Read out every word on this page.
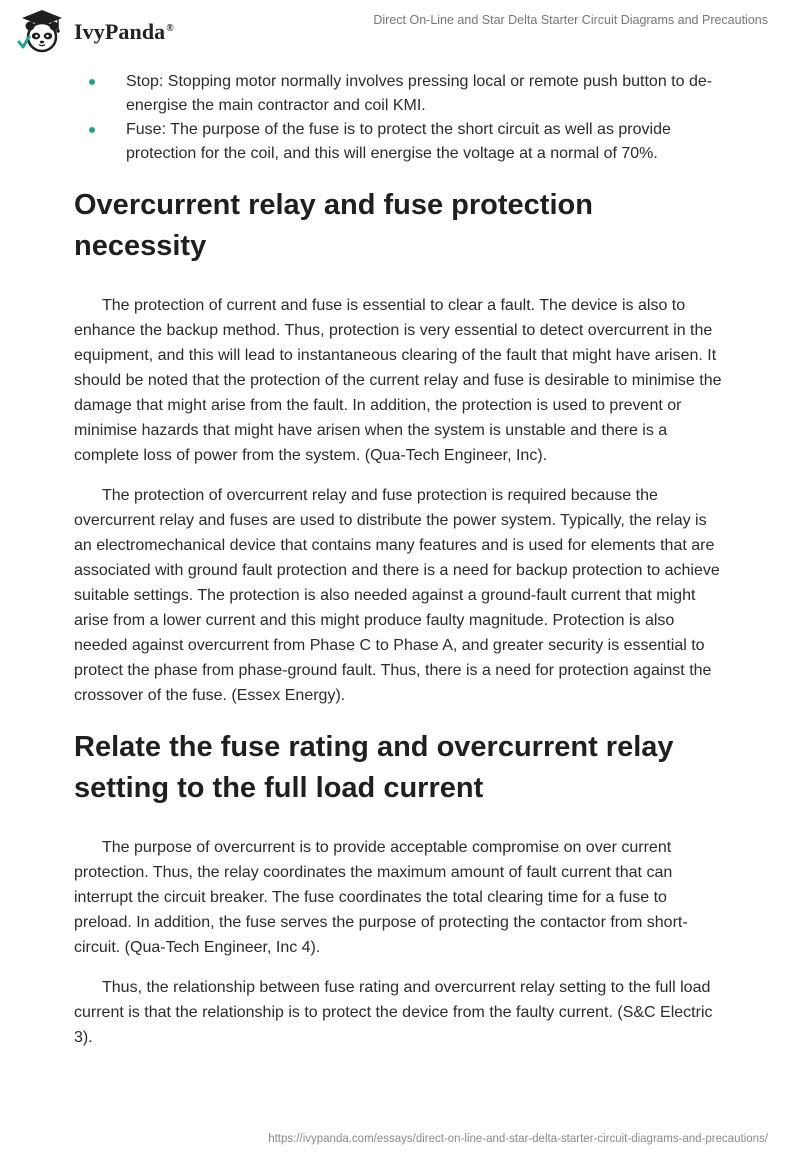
IvyPanda®
Direct On-Line and Star Delta Starter Circuit Diagrams and Precautions
Stop: Stopping motor normally involves pressing local or remote push button to de-energise the main contractor and coil KMI.
Fuse: The purpose of the fuse is to protect the short circuit as well as provide protection for the coil, and this will energise the voltage at a normal of 70%.
Overcurrent relay and fuse protection necessity

The protection of current and fuse is essential to clear a fault. The device is also to enhance the backup method. Thus, protection is very essential to detect overcurrent in the equipment, and this will lead to instantaneous clearing of the fault that might have arisen. It should be noted that the protection of the current relay and fuse is desirable to minimise the damage that might arise from the fault. In addition, the protection is used to prevent or minimise hazards that might have arisen when the system is unstable and there is a complete loss of power from the system. (Qua-Tech Engineer, Inc).

The protection of overcurrent relay and fuse protection is required because the overcurrent relay and fuses are used to distribute the power system. Typically, the relay is an electromechanical device that contains many features and is used for elements that are associated with ground fault protection and there is a need for backup protection to achieve suitable settings. The protection is also needed against a ground-fault current that might arise from a lower current and this might produce faulty magnitude. Protection is also needed against overcurrent from Phase C to Phase A, and greater security is essential to protect the phase from phase-ground fault. Thus, there is a need for protection against the crossover of the fuse. (Essex Energy).

Relate the fuse rating and overcurrent relay setting to the full load current

The purpose of overcurrent is to provide acceptable compromise on over current protection. Thus, the relay coordinates the maximum amount of fault current that can interrupt the circuit breaker. The fuse coordinates the total clearing time for a fuse to preload. In addition, the fuse serves the purpose of protecting the contactor from short-circuit. (Qua-Tech Engineer, Inc 4).

Thus, the relationship between fuse rating and overcurrent relay setting to the full load current is that the relationship is to protect the device from the faulty current. (S&C Electric 3).

https://ivypanda.com/essays/direct-on-line-and-star-delta-starter-circuit-diagrams-and-precautions/
